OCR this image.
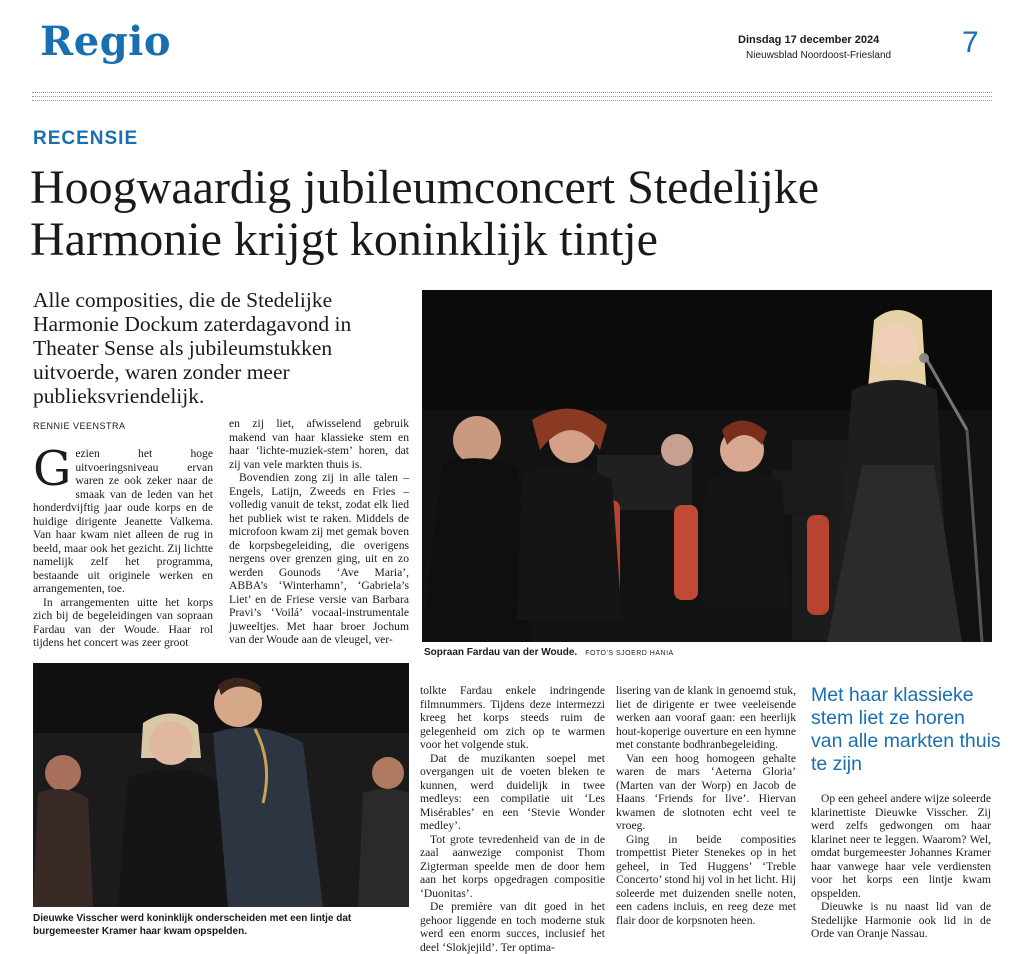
Regio	Dinsdag 17 december 2024
Nieuwsblad Noordoost-Friesland 7
RECENSIE
Hoogwaardig jubileumconcert Stedelijke Harmonie krijgt koninklijk tintje
Alle composities, die de Stedelijke Harmonie Dockum zaterdagavond in Theater Sense als jubileumstukken uitvoerde, waren zonder meer publieksvriendelijk.
RENNIE VEENSTRA

Gezien het hoge uitvoeringsniveau ervan waren ze ook zeker naar de smaak van de leden van het honderdvijftig jaar oude korps en de huidige dirigente Jeanette Valkema. Van haar kwam niet alleen de rug in beeld, maar ook het gezicht. Zij lichtte namelijk zelf het programma, bestaande uit originele werken en arrangementen, toe.

In arrangementen uitte het korps zich bij de begeleidingen van sopraan Fardau van der Woude. Haar rol tijdens het concert was zeer groot

en zij liet, afwisselend gebruik makend van haar klassieke stem en haar ‘lichte-muziek-stem’ horen, dat zij van vele markten thuis is.

Bovendien zong zij in alle talen – Engels, Latijn, Zweeds en Fries – volledig vanuit de tekst, zodat elk lied het publiek wist te raken. Middels de microfoon kwam zij met gemak boven de korpsbegeleiding, die overigens nergens over grenzen ging, uit en zo werden Gounods ‘Ave Maria’, ABBA’s ‘Winterhamn’, ‘Gabriela’s Liet’ en de Friese versie van Barbara Pravi’s ‘Voilá’ vocaal-instrumentale juweeltjes. Met haar broer Jochum van der Woude aan de vleugel, ver-

Sopraan Fardau van der Woude. FOTO'S SJOERD HANIA
Dieuwke Visscher werd koninklijk onderscheiden met een lintje dat burgemeester Kramer haar kwam opspelden.

tolkte Fardau enkele indringende filmnummers. Tijdens deze intermezzi kreeg het korps steeds ruim de gelegenheid om zich op te warmen voor het volgende stuk.

Dat de muzikanten soepel met overgangen uit de voeten bleken te kunnen, werd duidelijk in twee medleys: een compilatie uit ‘Les Misérables’ en een ‘Stevie Wonder medley’.

Tot grote tevredenheid van de in de zaal aanwezige componist Thom Zigterman speelde men de door hem aan het korps opgedragen compositie ‘Duonitas’.

De première van dit goed in het gehoor liggende en toch moderne stuk werd een enorm succes, inclusief het deel ‘Slokjejild’. Ter optima-

lisering van de klank in genoemd stuk, liet de dirigente er twee veeleisende werken aan vooraf gaan: een heerlijk hout-koperige ouverture en een hymne met constante bodhranbegeleiding.

Van een hoog homogeen gehalte waren de mars ‘Aeterna Gloria’ (Marten van der Worp) en Jacob de Haans ‘Friends for live’. Hiervan kwamen de slotnoten echt veel te vroeg.

Ging in beide composities trompettist Pieter Stenekes op in het geheel, in Ted Huggens’ ‘Treble Concerto’ stond hij vol in het licht. Hij soleerde met duizenden snelle noten, een cadens incluis, en reeg deze met flair door de korpsnoten heen.

Met haar klassieke stem liet ze horen van alle markten thuis te zijn

Op een geheel andere wijze soleerde klarinettiste Dieuwke Visscher. Zij werd zelfs gedwongen om haar klarinet neer te leggen. Waarom? Wel, omdat burgemeester Johannes Kramer haar vanwege haar vele verdiensten voor het korps een lintje kwam opspelden.

Dieuwke is nu naast lid van de Stedelijke Harmonie ook lid in de Orde van Oranje Nassau.
